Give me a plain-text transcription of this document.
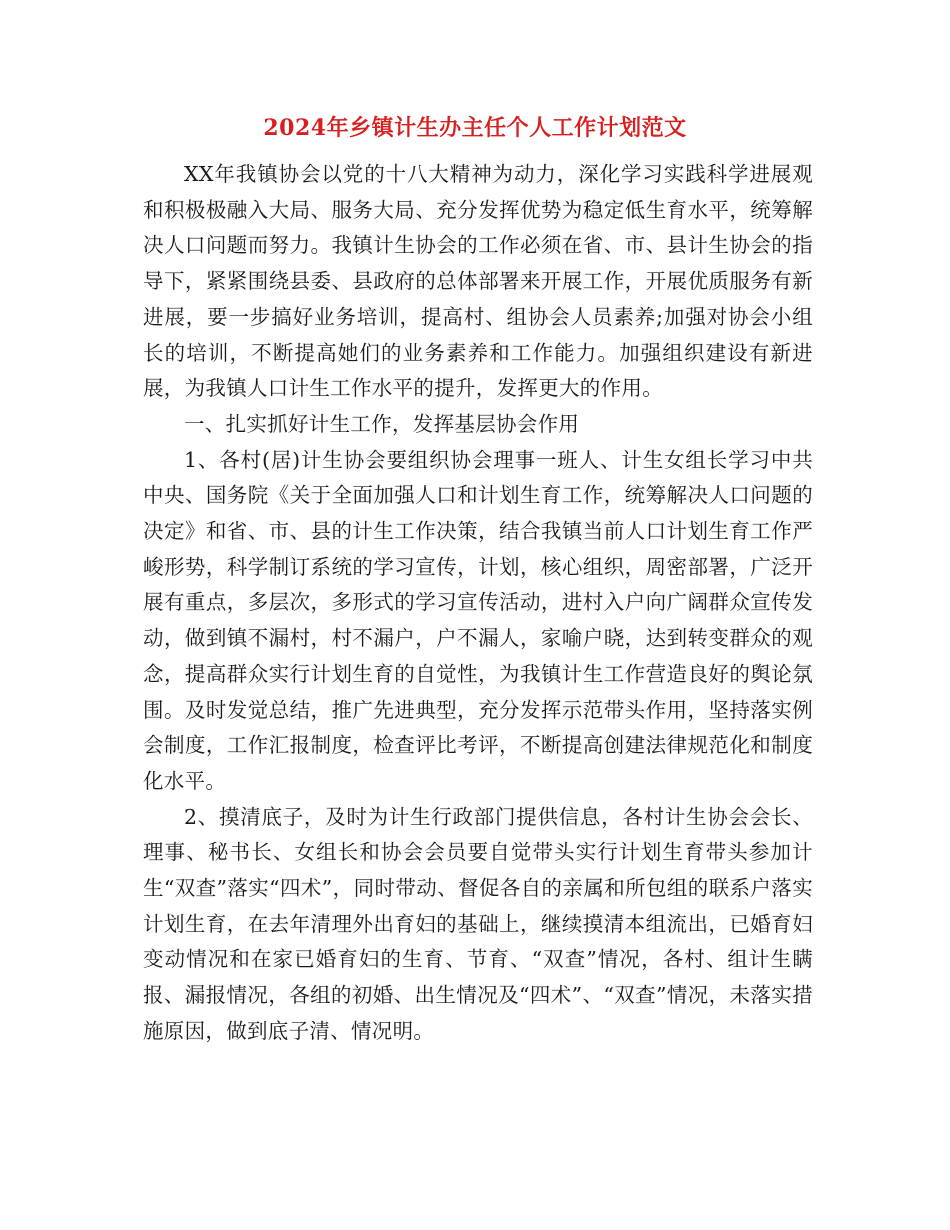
2024年乡镇计生办主任个人工作计划范文

XX年我镇协会以党的十八大精神为动力，深化学习实践科学进展观和积极极融入大局、服务大局、充分发挥优势为稳定低生育水平，统筹解决人口问题而努力。我镇计生协会的工作必须在省、市、县计生协会的指导下，紧紧围绕县委、县政府的总体部署来开展工作，开展优质服务有新进展，要一步搞好业务培训，提高村、组协会人员素养;加强对协会小组长的培训，不断提高她们的业务素养和工作能力。加强组织建设有新进展，为我镇人口计生工作水平的提升，发挥更大的作用。

一、扎实抓好计生工作，发挥基层协会作用

1、各村(居)计生协会要组织协会理事一班人、计生女组长学习中共中央、国务院《关于全面加强人口和计划生育工作，统筹解决人口问题的决定》和省、市、县的计生工作决策，结合我镇当前人口计划生育工作严峻形势，科学制订系统的学习宣传，计划，核心组织，周密部署，广泛开展有重点，多层次，多形式的学习宣传活动，进村入户向广阔群众宣传发动，做到镇不漏村，村不漏户，户不漏人，家喻户晓，达到转变群众的观念，提高群众实行计划生育的自觉性，为我镇计生工作营造良好的舆论氛围。及时发觉总结，推广先进典型，充分发挥示范带头作用，坚持落实例会制度，工作汇报制度，检查评比考评，不断提高创建法律规范化和制度化水平。

2、摸清底子，及时为计生行政部门提供信息，各村计生协会会长、理事、秘书长、女组长和协会会员要自觉带头实行计划生育带头参加计生“双查”落实“四术”，同时带动、督促各自的亲属和所包组的联系户落实计划生育，在去年清理外出育妇的基础上，继续摸清本组流出，已婚育妇变动情况和在家已婚育妇的生育、节育、“双查”情况，各村、组计生瞒报、漏报情况，各组的初婚、出生情况及“四术”、“双查”情况，未落实措施原因，做到底子清、情况明。
